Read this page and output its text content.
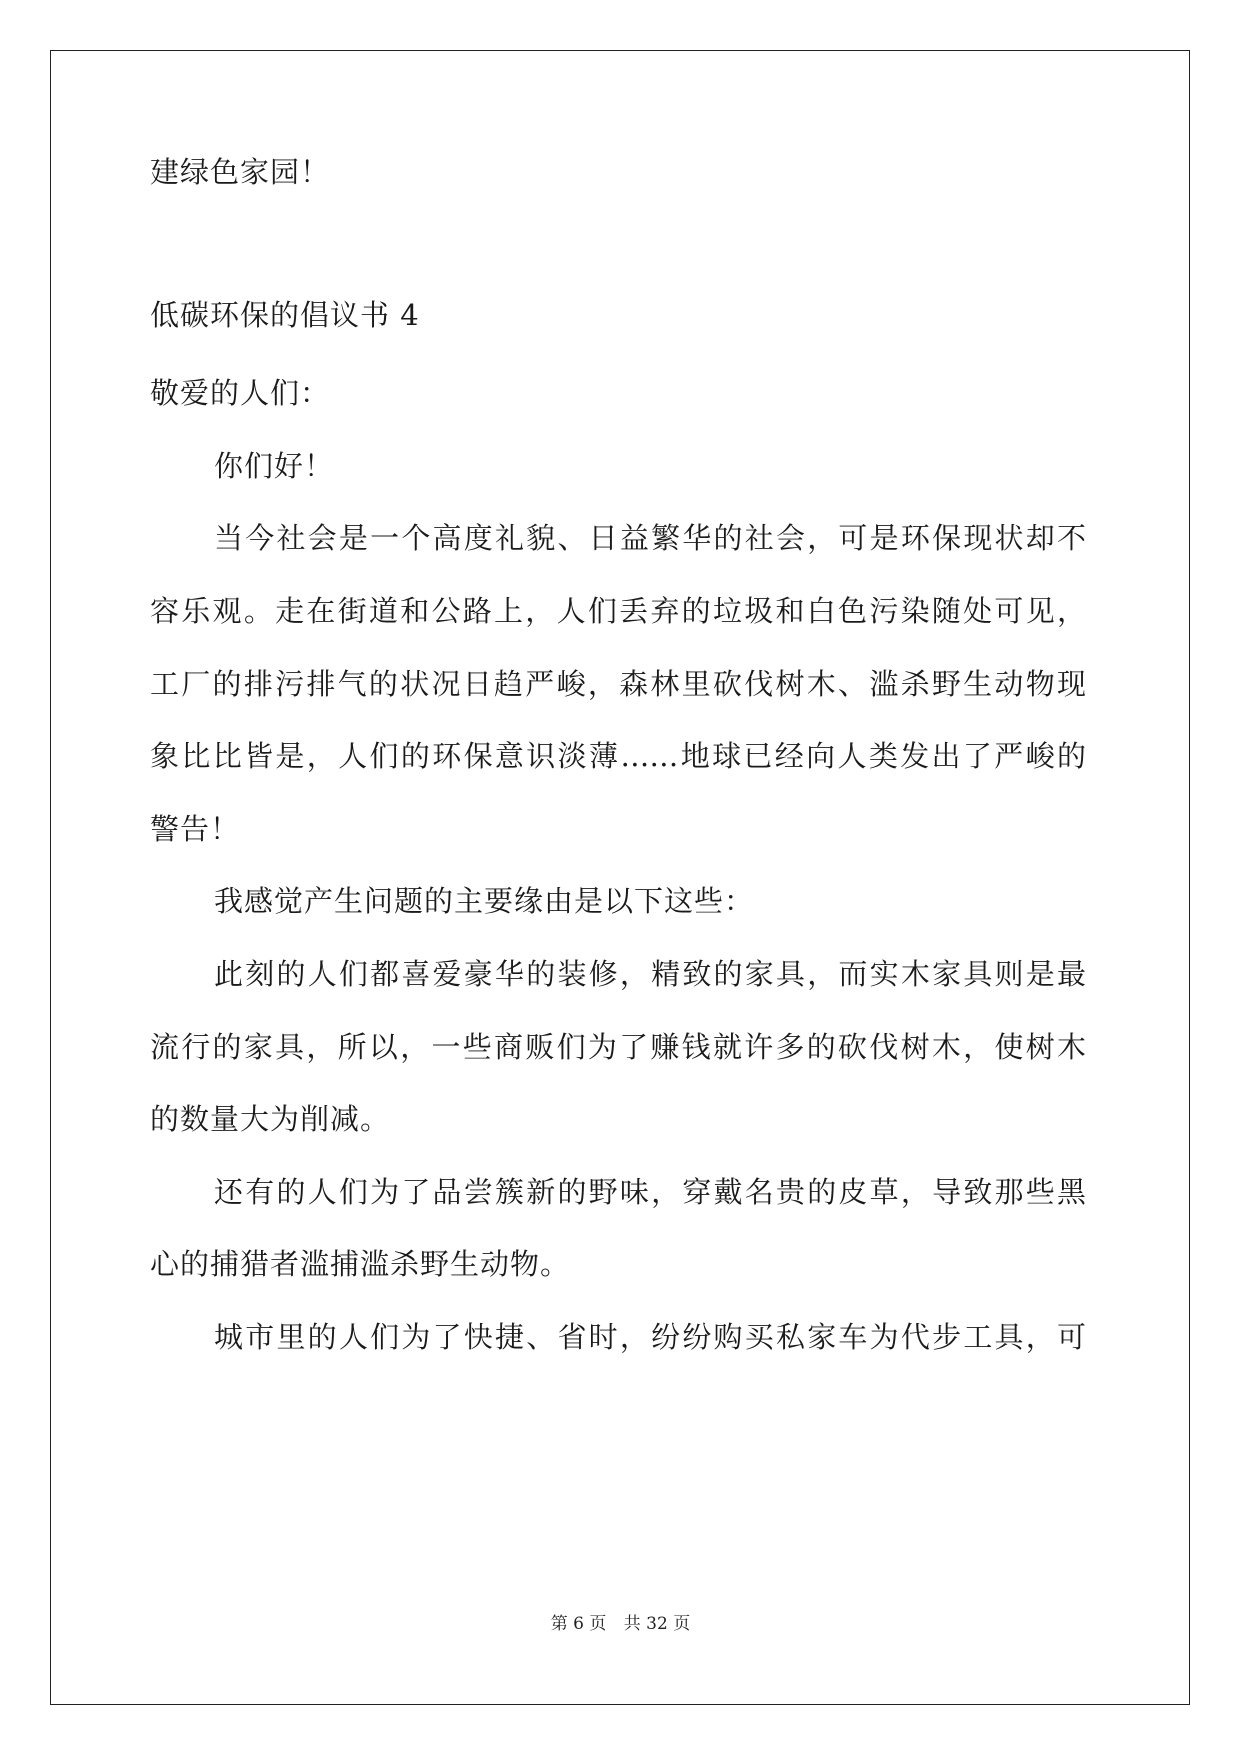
建绿色家园！
低碳环保的倡议书 4
敬爱的人们：
你们好！
当今社会是一个高度礼貌、日益繁华的社会，可是环保现状却不
容乐观。走在街道和公路上，人们丢弃的垃圾和白色污染随处可见，
工厂的排污排气的状况日趋严峻，森林里砍伐树木、滥杀野生动物现
象比比皆是，人们的环保意识淡薄……地球已经向人类发出了严峻的
警告！
我感觉产生问题的主要缘由是以下这些：
此刻的人们都喜爱豪华的装修，精致的家具，而实木家具则是最
流行的家具，所以，一些商贩们为了赚钱就许多的砍伐树木，使树木
的数量大为削减。
还有的人们为了品尝簇新的野味，穿戴名贵的皮草，导致那些黑
心的捕猎者滥捕滥杀野生动物。
城市里的人们为了快捷、省时，纷纷购买私家车为代步工具，可
第 6 页 共 32 页
